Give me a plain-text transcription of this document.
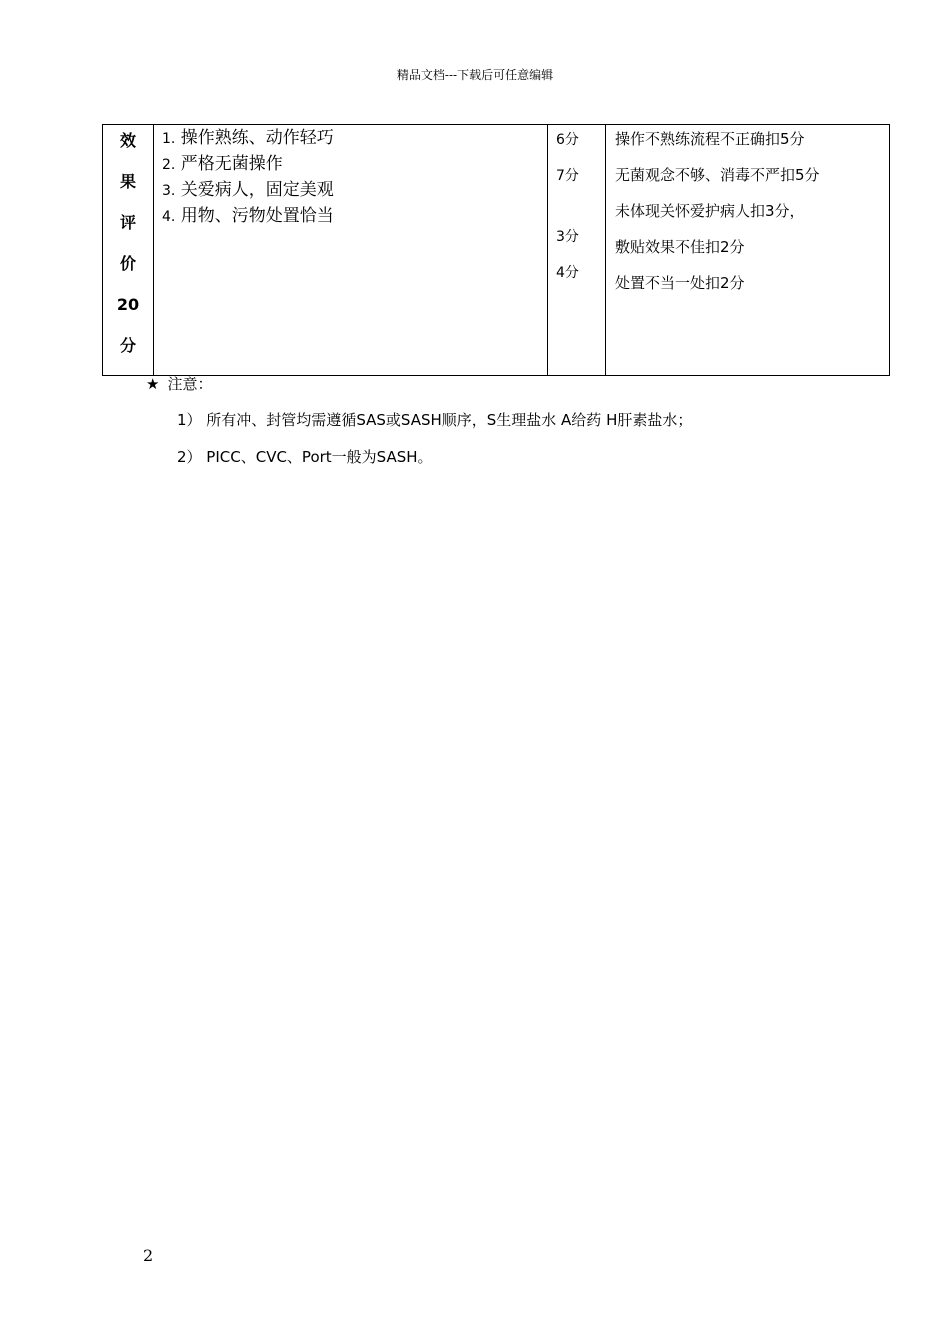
精品文档---下载后可任意编辑
效
果
评
价
20
分

1. 操作熟练、动作轻巧
2. 严格无菌操作
3. 关爱病人，固定美观
4. 用物、污物处置恰当

6分
7分
3分
4分

操作不熟练流程不正确扣5分
无菌观念不够、消毒不严扣5分
未体现关怀爱护病人扣3分，
敷贴效果不佳扣2分
处置不当一处扣2分
★ 注意：
1） 所有冲、封管均需遵循SAS或SASH顺序，S生理盐水 A给药 H肝素盐水；
2） PICC、CVC、Port一般为SASH。
2
